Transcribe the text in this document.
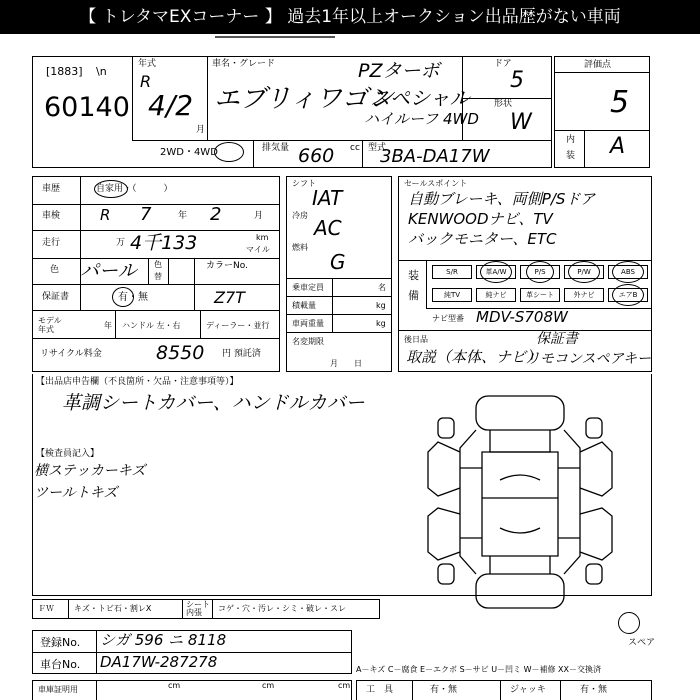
【 トレタマEXコーナー 】 過去1年以上オークション出品歴がない車両
[1883] \n
60140
年式
R
4/2
月
車名・グレード	PZターボ
エブリィワゴン
スペシャル
ハイルーフ 4WD
ドア
5
形状
W
2WD・4WD	排気量 660 cc 型式
3BA-DA17W
評価点
5
内
装 A
車歴	自家用・（　　　）
車検	R 7	年 2	月
走行	万 4千133	km
マイル
色 パール 色
替
カラーNo.
保証書	有・無	Z7T
モデル
年式	年 ハンドル 左・右	ディーラー・並行
リサイクル料金	8550 円 預託済
シフト
IAT
冷房
AC
燃料
G
乗車定員	名
積載量	kg
車両重量	kg
名変期限
月　　日
セールスポイント
自動ブレーキ、両側P/Sドア
KENWOODナビ、TV
バックモニター、ETC
装
備
S/R	革A/W	P/S	P/W	ABS
純TV	純ナビ	革シート	外ナビ	エアB
ナビ型番 MDV-S708W
後日品
取説（本体、ナビ）
保証書
リモコンスペアキー
【出品店申告欄（不良箇所・欠品・注意事項等）】
革調シートカバー、ハンドルカバー
【検査員記入】
横ステッカーキズ
ツールトキズ
スペア
ＦＷ	キズ・トビ石・割レX	シート
内張	コゲ・穴・汚レ・シミ・破レ・スレ
登録No. シガ 596 ニ 8118
車台No. DA17W-287278	A－キズ C－腐食 E－エクボ S－サビ U－凹ミ W－補修 XX－交換済
車庫証明用	cm	cm	cm 工　具	有・無	ジャッキ	有・無
